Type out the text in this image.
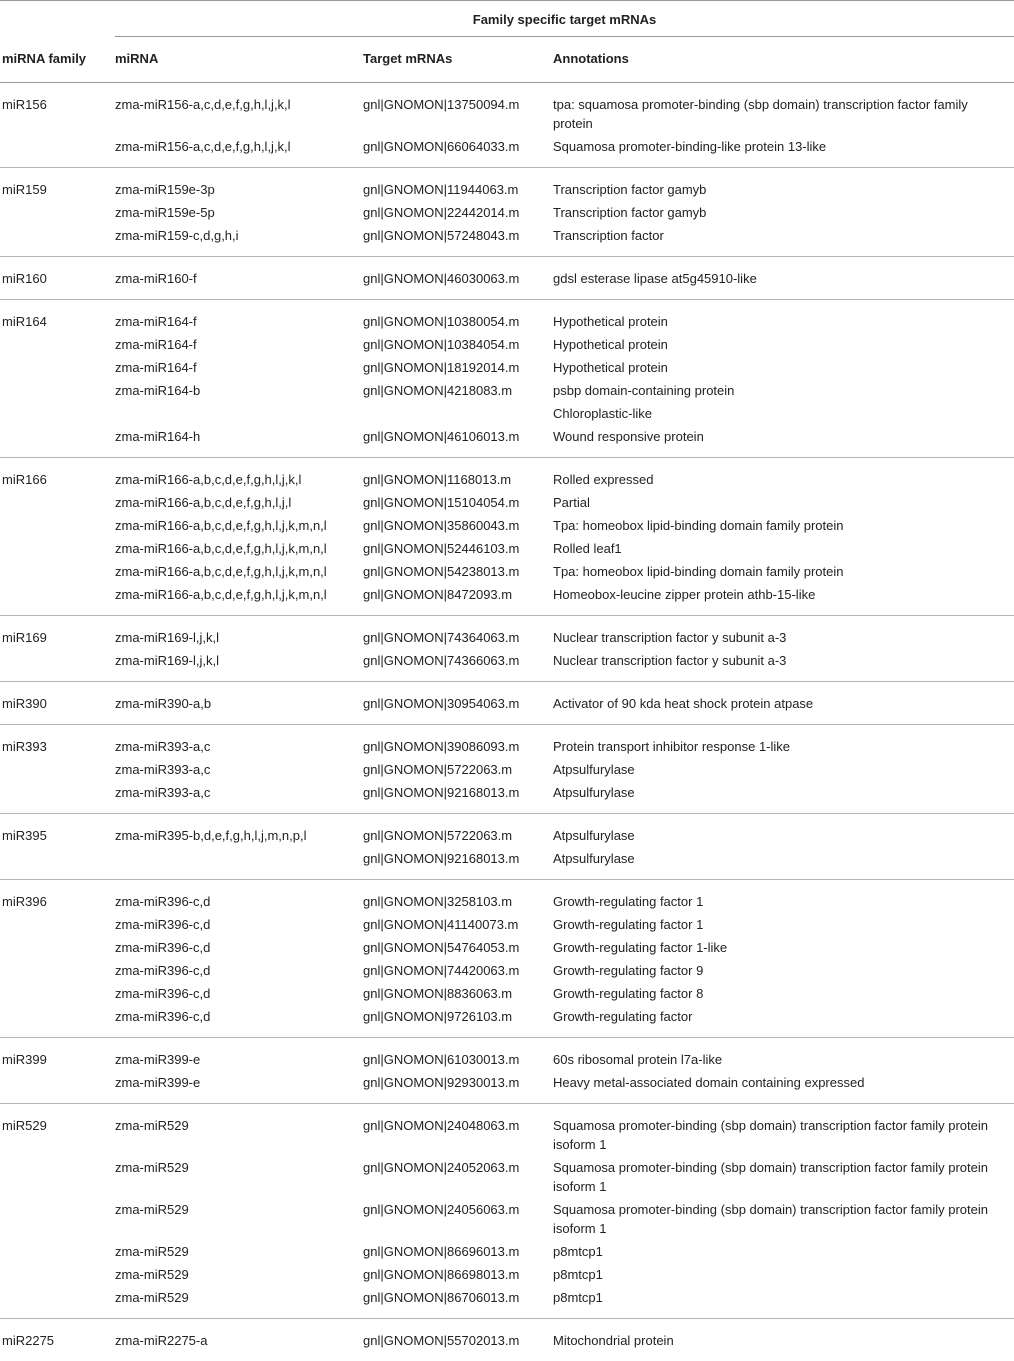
Family specific target mRNAs			

miRNA family	miRNA	Target mRNAs	Annotations
miR156	zma-miR156-a,c,d,e,f,g,h,l,j,k,l	gnl|GNOMON|13750094.m	tpa: squamosa promoter-binding (sbp domain) transcription factor family protein
	zma-miR156-a,c,d,e,f,g,h,l,j,k,l	gnl|GNOMON|66064033.m	Squamosa promoter-binding-like protein 13-like
miR159	zma-miR159e-3p	gnl|GNOMON|11944063.m	Transcription factor gamyb
	zma-miR159e-5p	gnl|GNOMON|22442014.m	Transcription factor gamyb
	zma-miR159-c,d,g,h,i	gnl|GNOMON|57248043.m	Transcription factor
miR160	zma-miR160-f	gnl|GNOMON|46030063.m	gdsl esterase lipase at5g45910-like
miR164	zma-miR164-f	gnl|GNOMON|10380054.m	Hypothetical protein
	zma-miR164-f	gnl|GNOMON|10384054.m	Hypothetical protein
	zma-miR164-f	gnl|GNOMON|18192014.m	Hypothetical protein
	zma-miR164-b	gnl|GNOMON|4218083.m	psbp domain-containing protein
			Chloroplastic-like
	zma-miR164-h	gnl|GNOMON|46106013.m	Wound responsive protein
miR166	zma-miR166-a,b,c,d,e,f,g,h,l,j,k,l	gnl|GNOMON|1168013.m	Rolled expressed
	zma-miR166-a,b,c,d,e,f,g,h,l,j,l	gnl|GNOMON|15104054.m	Partial
	zma-miR166-a,b,c,d,e,f,g,h,l,j,k,m,n,l	gnl|GNOMON|35860043.m	Tpa: homeobox lipid-binding domain family protein
	zma-miR166-a,b,c,d,e,f,g,h,l,j,k,m,n,l	gnl|GNOMON|52446103.m	Rolled leaf1
	zma-miR166-a,b,c,d,e,f,g,h,l,j,k,m,n,l	gnl|GNOMON|54238013.m	Tpa: homeobox lipid-binding domain family protein
	zma-miR166-a,b,c,d,e,f,g,h,l,j,k,m,n,l	gnl|GNOMON|8472093.m	Homeobox-leucine zipper protein athb-15-like
miR169	zma-miR169-l,j,k,l	gnl|GNOMON|74364063.m	Nuclear transcription factor y subunit a-3
	zma-miR169-l,j,k,l	gnl|GNOMON|74366063.m	Nuclear transcription factor y subunit a-3
miR390	zma-miR390-a,b	gnl|GNOMON|30954063.m	Activator of 90 kda heat shock protein atpase
miR393	zma-miR393-a,c	gnl|GNOMON|39086093.m	Protein transport inhibitor response 1-like
	zma-miR393-a,c	gnl|GNOMON|5722063.m	Atpsulfurylase
	zma-miR393-a,c	gnl|GNOMON|92168013.m	Atpsulfurylase
miR395	zma-miR395-b,d,e,f,g,h,l,j,m,n,p,l	gnl|GNOMON|5722063.m	Atpsulfurylase
		gnl|GNOMON|92168013.m	Atpsulfurylase
miR396	zma-miR396-c,d	gnl|GNOMON|3258103.m	Growth-regulating factor 1
	zma-miR396-c,d	gnl|GNOMON|41140073.m	Growth-regulating factor 1
	zma-miR396-c,d	gnl|GNOMON|54764053.m	Growth-regulating factor 1-like
	zma-miR396-c,d	gnl|GNOMON|74420063.m	Growth-regulating factor 9
	zma-miR396-c,d	gnl|GNOMON|8836063.m	Growth-regulating factor 8
	zma-miR396-c,d	gnl|GNOMON|9726103.m	Growth-regulating factor
miR399	zma-miR399-e	gnl|GNOMON|61030013.m	60s ribosomal protein l7a-like
	zma-miR399-e	gnl|GNOMON|92930013.m	Heavy metal-associated domain containing expressed
miR529	zma-miR529	gnl|GNOMON|24048063.m	Squamosa promoter-binding (sbp domain) transcription factor family protein isoform 1
	zma-miR529	gnl|GNOMON|24052063.m	Squamosa promoter-binding (sbp domain) transcription factor family protein isoform 1
	zma-miR529	gnl|GNOMON|24056063.m	Squamosa promoter-binding (sbp domain) transcription factor family protein isoform 1
	zma-miR529	gnl|GNOMON|86696013.m	p8mtcp1
	zma-miR529	gnl|GNOMON|86698013.m	p8mtcp1
	zma-miR529	gnl|GNOMON|86706013.m	p8mtcp1
miR2275	zma-miR2275-a	gnl|GNOMON|55702013.m	Mitochondrial protein
